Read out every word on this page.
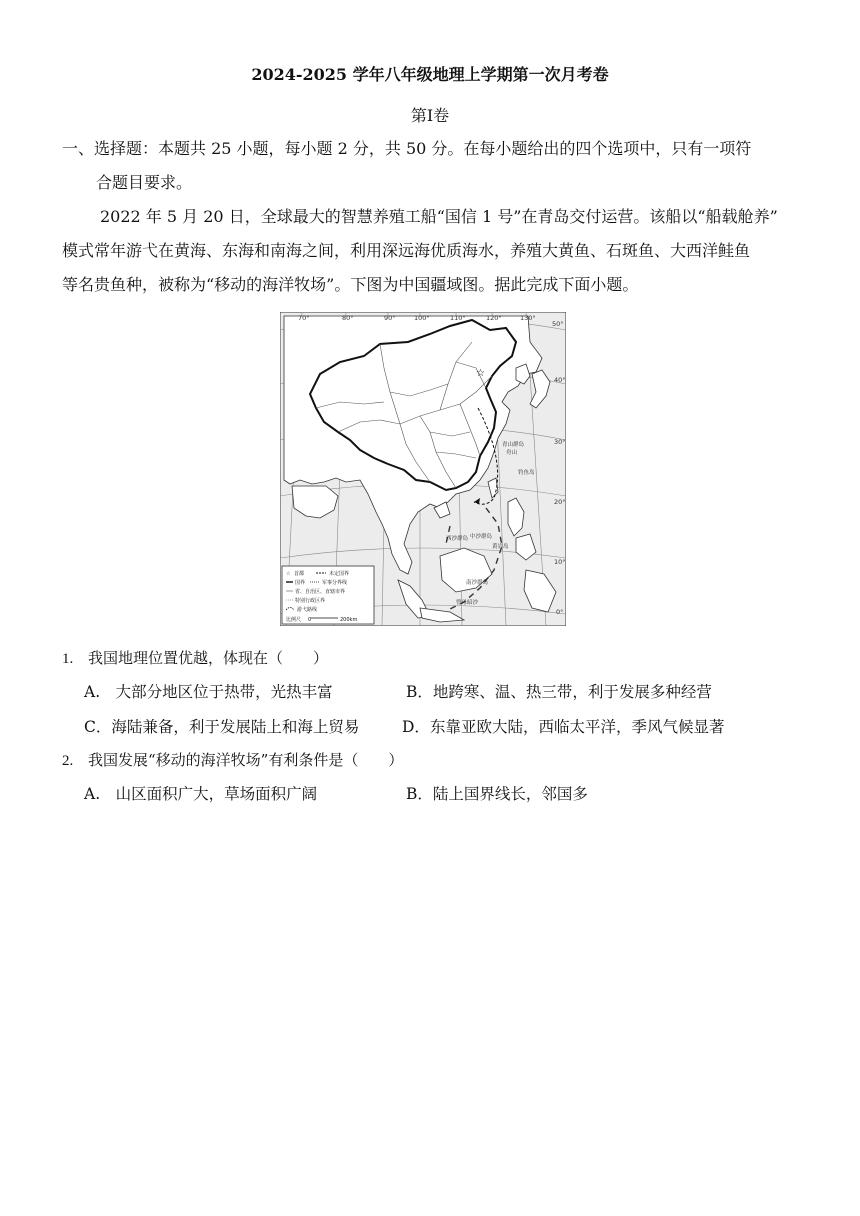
2024-2025 学年八年级地理上学期第一次月考卷
第Ⅰ卷
一、选择题：本题共 25 小题，每小题 2 分，共 50 分。在每小题给出的四个选项中，只有一项符
合题目要求。
2022 年 5 月 20 日，全球最大的智慧养殖工船“国信 1 号”在青岛交付运营。该船以“船载舱养”
模式常年游弋在黄海、东海和南海之间，利用深远海优质海水，养殖大黄鱼、石斑鱼、大西洋鲑鱼
等名贵鱼种，被称为“移动的海洋牧场”。下图为中国疆域图。据此完成下面小题。
☆
70°	80°	90°	100°	110°	120°	130°
50°
40°
30°
20°
10°
0°
青山群岛
舟山
钓鱼岛
西沙群岛 中沙群岛
黄岩岛
南沙群岛
曾母暗沙
☆ 首都	未定国界
国界	军事分界线
省、自治区、直辖市界
特别行政区界
游弋路线
比例尺 0	200km
1. 我国地理位置优越，体现在（　　）
A.  大部分地区位于热带，光热丰富	B．地跨寒、温、热三带，利于发展多种经营
C．海陆兼备，利于发展陆上和海上贸易	D．东靠亚欧大陆，西临太平洋，季风气候显著
2. 我国发展“移动的海洋牧场”有利条件是（　　）
A.  山区面积广大，草场面积广阔	B．陆上国界线长，邻国多
